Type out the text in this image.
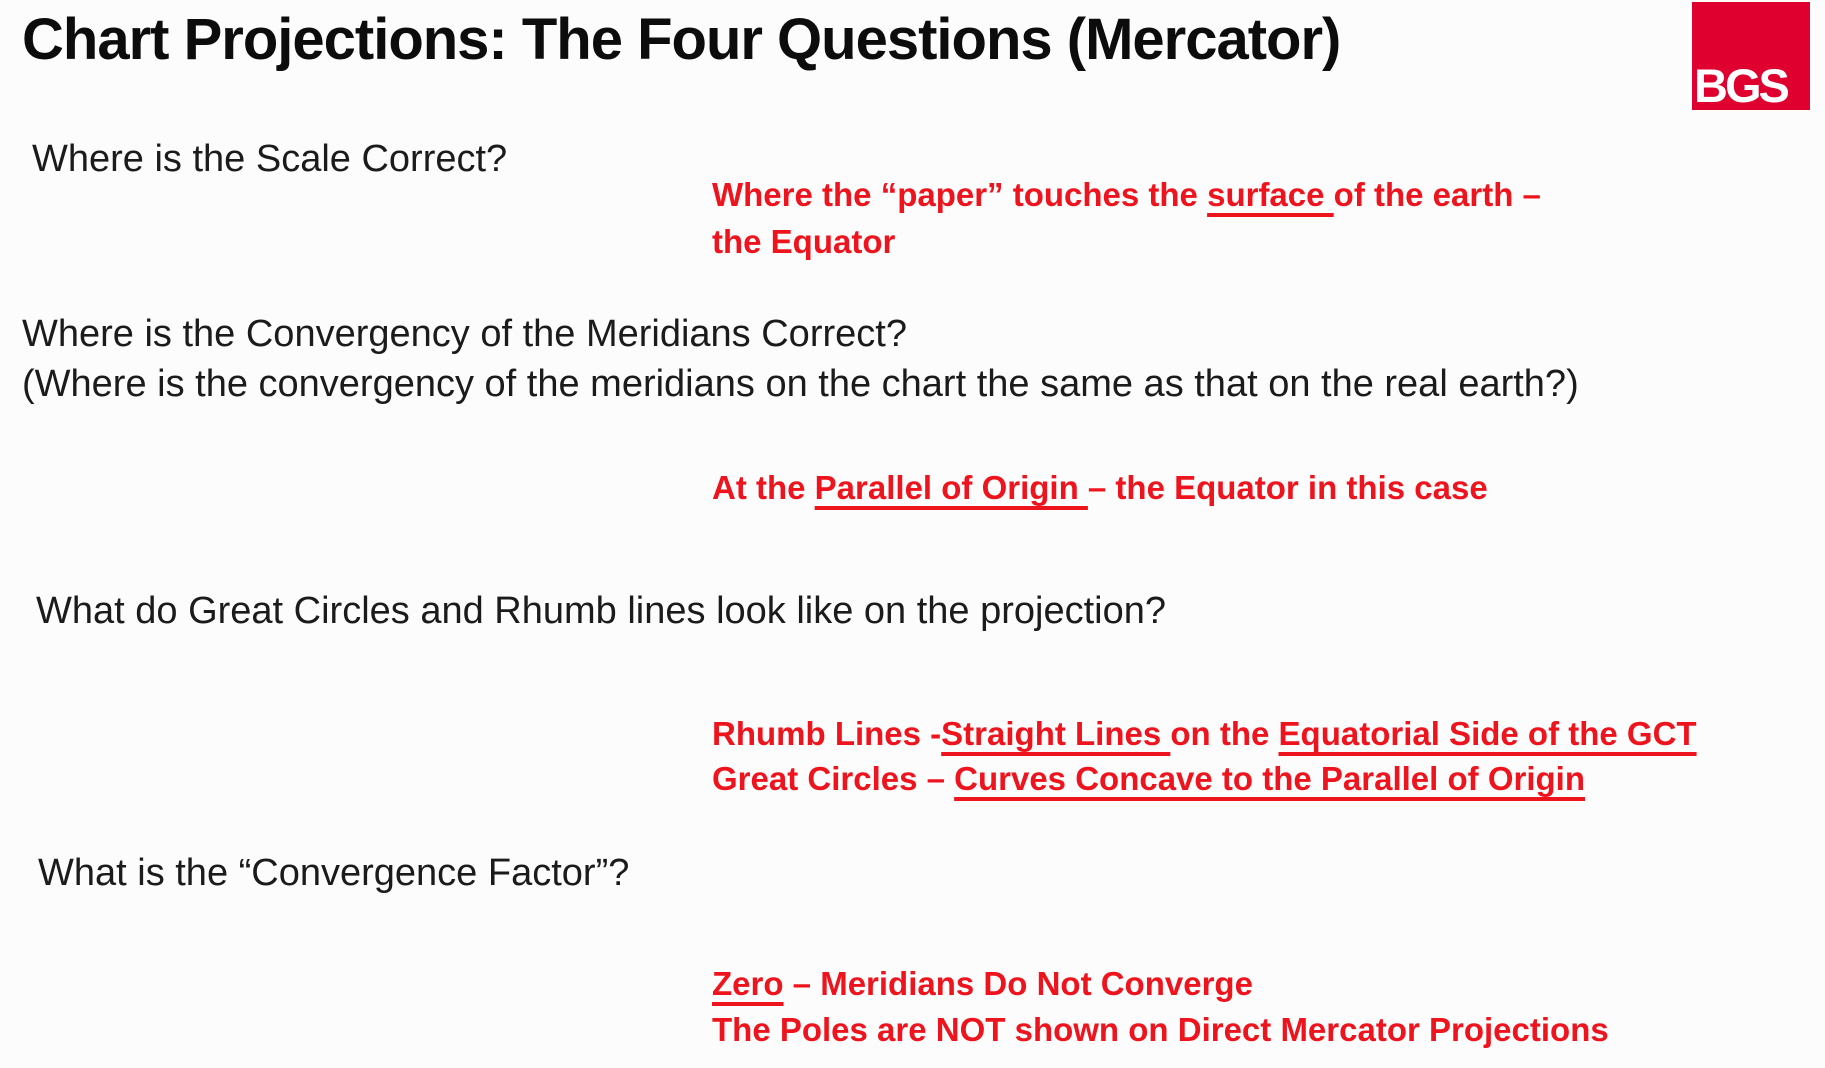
Chart Projections: The Four Questions (Mercator)
BGS
Where is the Scale Correct?
Where the “paper” touches the surface of the earth –
the Equator
Where is the Convergency of the Meridians Correct?
(Where is the convergency of the meridians on the chart the same as that on the real earth?)
At the Parallel of Origin – the Equator in this case
What do Great Circles and Rhumb lines look like on the projection?
Rhumb Lines -Straight Lines on the Equatorial Side of the GCT
Great Circles – Curves Concave to the Parallel of Origin
What is the “Convergence Factor”?
Zero – Meridians Do Not Converge
The Poles are NOT shown on Direct Mercator Projections
